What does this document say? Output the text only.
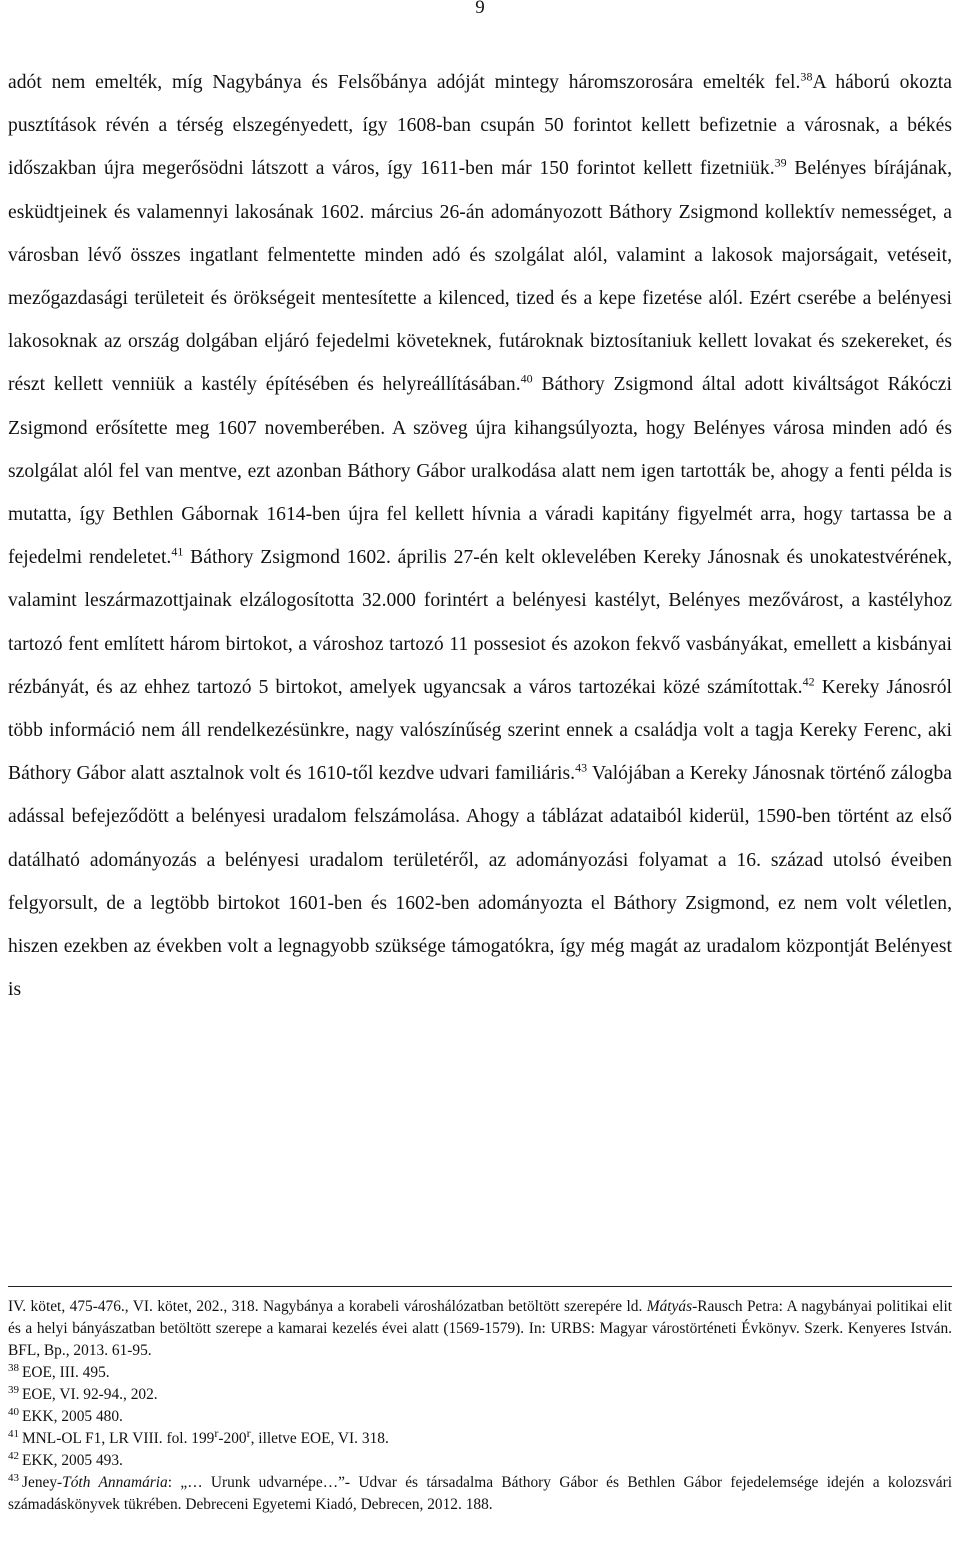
9

adót nem emelték, míg Nagybánya és Felsőbánya adóját mintegy háromszorosára emelték fel.$^{38}$A háború okozta pusztítások révén a térség elszegényedett, így 1608-ban csupán 50 forintot kellett befizetnie a városnak, a békés időszakban újra megerősödni látszott a város, így 1611-ben már 150 forintot kellett fizetniük.$^{39}$ Belényes bírájának, esküdtjeinek és valamennyi lakosának 1602. március 26-án adományozott Báthory Zsigmond kollektív nemességet, a városban lévő összes ingatlant felmentette minden adó és szolgálat alól, valamint a lakosok majorságait, vetéseit, mezőgazdasági területeit és örökségeit mentesítette a kilenced, tized és a kepe fizetése alól. Ezért cserébe a belényesi lakosoknak az ország dolgában eljáró fejedelmi követeknek, futároknak biztosítaniuk kellett lovakat és szekereket, és részt kellett venniük a kastély építésében és helyreállításában.$^{40}$ Báthory Zsigmond által adott kiváltságot Rákóczi Zsigmond erősítette meg 1607 novemberében. A szöveg újra kihangsúlyozta, hogy Belényes városa minden adó és szolgálat alól fel van mentve, ezt azonban Báthory Gábor uralkodása alatt nem igen tartották be, ahogy a fenti példa is mutatta, így Bethlen Gábornak 1614-ben újra fel kellett hívnia a váradi kapitány figyelmét arra, hogy tartassa be a fejedelmi rendeletet.$^{41}$ Báthory Zsigmond 1602. április 27-én kelt oklevelében Kereky Jánosnak és unokatestvérének, valamint leszármazottjainak elzálogosította 32.000 forintért a belényesi kastélyt, Belényes mezővárost, a kastélyhoz tartozó fent említett három birtokot, a városhoz tartozó 11 possesiot és azokon fekvő vasbányákat, emellett a kisbányai rézbányát, és az ehhez tartozó 5 birtokot, amelyek ugyancsak a város tartozékai közé számítottak.$^{42}$ Kereky Jánosról több információ nem áll rendelkezésünkre, nagy valószínűség szerint ennek a családja volt a tagja Kereky Ferenc, aki Báthory Gábor alatt asztalnok volt és 1610-től kezdve udvari familiáris.$^{43}$ Valójában a Kereky Jánosnak történő zálogba adással befejeződött a belényesi uradalom felszámolása. Ahogy a táblázat adataiból kiderül, 1590-ben történt az első datálható adományozás a belényesi uradalom területéről, az adományozási folyamat a 16. század utolsó éveiben felgyorsult, de a legtöbb birtokot 1601-ben és 1602-ben adományozta el Báthory Zsigmond, ez nem volt véletlen, hiszen ezekben az években volt a legnagyobb szüksége támogatókra, így még magát az uradalom központját Belényest is

IV. kötet, 475-476., VI. kötet, 202., 318. Nagybánya a korabeli városhálózatban betöltött szerepére ld. Mátyás-Rausch Petra: A nagybányai politikai elit és a helyi bányászatban betöltött szerepe a kamarai kezelés évei alatt (1569-1579). In: URBS: Magyar várostörténeti Évkönyv. Szerk. Kenyeres István. BFL, Bp., 2013. 61-95.

$^{38}$ EOE, III. 495.

$^{39}$ EOE, VI. 92-94., 202.

$^{40}$ EKK, 2005 480.

$^{41}$ MNL-OL F1, LR VIII. fol. 199$^r$-200$^r$, illetve EOE, VI. 318.

$^{42}$ EKK, 2005 493.

$^{43}$ Jeney-Tóth Annamária: „… Urunk udvarnépe…”- Udvar és társadalma Báthory Gábor és Bethlen Gábor fejedelemsége idején a kolozsvári számadáskönyvek tükrében. Debreceni Egyetemi Kiadó, Debrecen, 2012. 188.
